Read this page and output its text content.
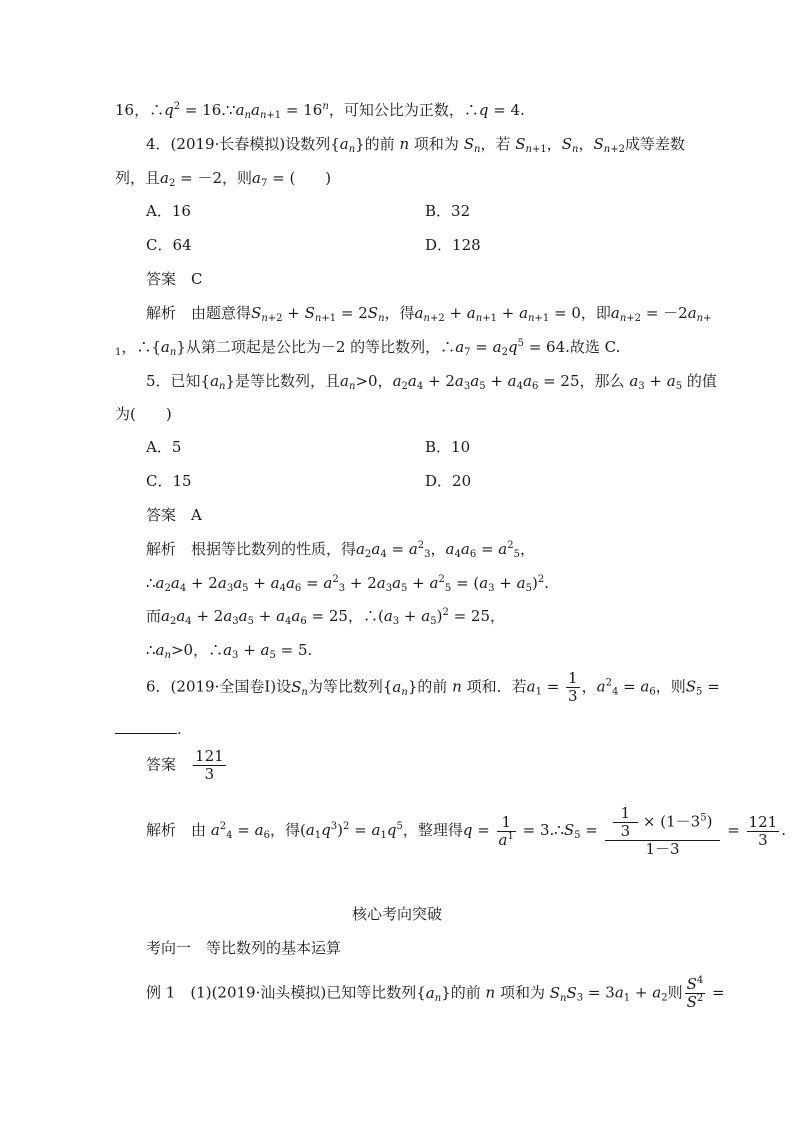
16，$\therefore q^2$ = $16.\because a_na_{n+1} = 16^n$，可知公比为正数，∴q = 4.
4．(2019·长春模拟)设数列$\{a_n\}$的前 n 项和为 $S_n$，若 $S_{n+1}$，$S_n$，$S_{n+2}$成等差数
列，且$a_2 = -2$，则$a_7$ = (　　)
A．16	B．32
C．64	D．128
答案　 C
解析　 由题意得$S_{n+2} + S_{n+1} = 2S_n$，得$a_{n+2} + a_{n+1} + a_{n+1} = 0$，即$a_{n+2} = -2a_{n+}$
$_1$，$\therefore\{a_n\}$从第二项起是公比为－2 的等比数列，$\therefore a_7 = a_2q^5 = 64$.故选 C.
5．已知$\{a_n\}$是等比数列，且$a_n>0$，$a_2a_4 + 2a_3a_5 + a_4a_6 = 25$，那么 $a_3 + a_5$ 的值
为(　　)
A．5	B．10
C．15	D．20
答案　 A
解析　 根据等比数列的性质，得$a_2a_4 = a^2_3$，$a_4a_6 = a^2_5$，
$\therefore a_2a_4 + 2a_3a_5 + a_4a_6 = a^2_3 + 2a_3a_5 + a^2_5 = (a_3 + a_5)^2$.
而$a_2a_4 + 2a_3a_5 + a_4a_6 = 25$，$\therefore(a_3 + a_5)^2 = 25$，
$\therefore a_n>0$，$\therefore a_3 + a_5 = 5$.
6．(2019·全国卷Ⅰ)设$S_n$为等比数列$\{a_n\}$的前 n 项和．若$a_1 = \frac{1}{3}$ ，$a^2_4 = a_6$，则$S_5$ =
.
答案　 $\frac{121}{3}$
解析　 由 $a^2_4 = a_6$，得$(a_1q^3)^2 = a_1q^5$，整理得$q = \frac{1}{a^1}$ = $3.\therefore S_5 = \frac{\frac{1}{3} \times (1-3^5)}{1-3} = \frac{121}{3}$ .
核心考向突破
考向一　等比数列的基本运算
例 1　 (1)(2019·汕头模拟)已知等比数列$\{a_n\}$的前 n 项和为 $S_nS_3 = 3a_1 + a_2$则 $\frac{S^4}{S^2}$ =
